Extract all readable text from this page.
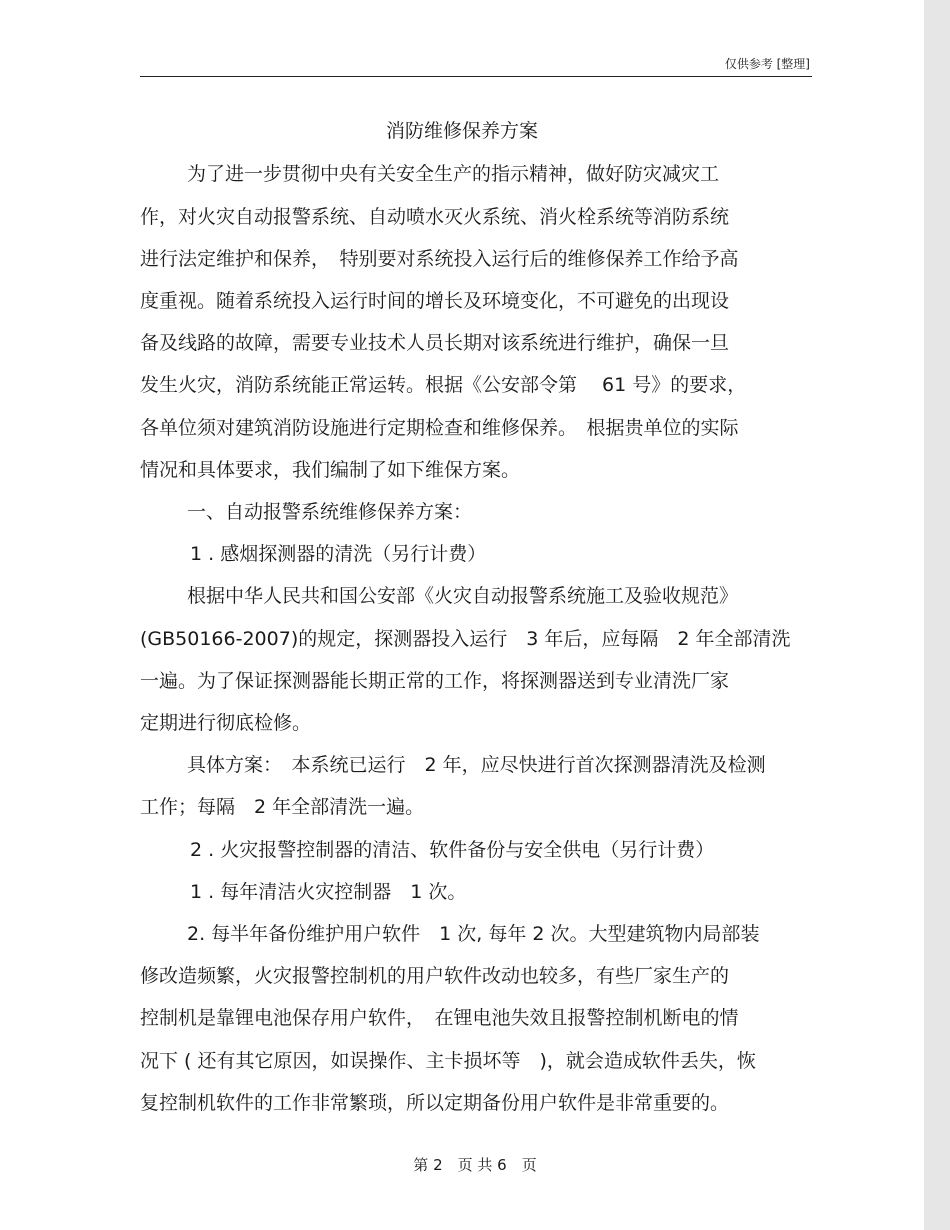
仅供参考 [整理]
消防维修保养方案
为了进一步贯彻中央有关安全生产的指示精神，做好防灾减灾工
作，对火灾自动报警系统、自动喷水灭火系统、消火栓系统等消防系统
进行法定维护和保养，　特别要对系统投入运行后的维修保养工作给予高
度重视。随着系统投入运行时间的增长及环境变化，不可避免的出现设
备及线路的故障，需要专业技术人员长期对该系统进行维护，确保一旦
发生火灾，消防系统能正常运转。根据《公安部令第　 61 号》的要求，
各单位须对建筑消防设施进行定期检查和维修保养。　根据贵单位的实际
情况和具体要求，我们编制了如下维保方案。
一、自动报警系统维修保养方案：
1 . 感烟探测器的清洗（另行计费）
根据中华人民共和国公安部《火灾自动报警系统施工及验收规范》
(GB50166-2007)的规定，探测器投入运行　3 年后，应每隔　2 年全部清洗
一遍。为了保证探测器能长期正常的工作，将探测器送到专业清洗厂家
定期进行彻底检修。
具体方案：　本系统已运行　2 年，应尽快进行首次探测器清洗及检测
工作；每隔　2 年全部清洗一遍。
2 . 火灾报警控制器的清洁、软件备份与安全供电（另行计费）
1 . 每年清洁火灾控制器　1 次。
2. 每半年备份维护用户软件　1 次, 每年 2 次。大型建筑物内局部装
修改造频繁，火灾报警控制机的用户软件改动也较多，有些厂家生产的
控制机是靠锂电池保存用户软件，　在锂电池失效且报警控制机断电的情
况下 ( 还有其它原因，如误操作、主卡损坏等　)，就会造成软件丢失，恢
复控制机软件的工作非常繁琐，所以定期备份用户软件是非常重要的。
第 2　页 共 6　页
